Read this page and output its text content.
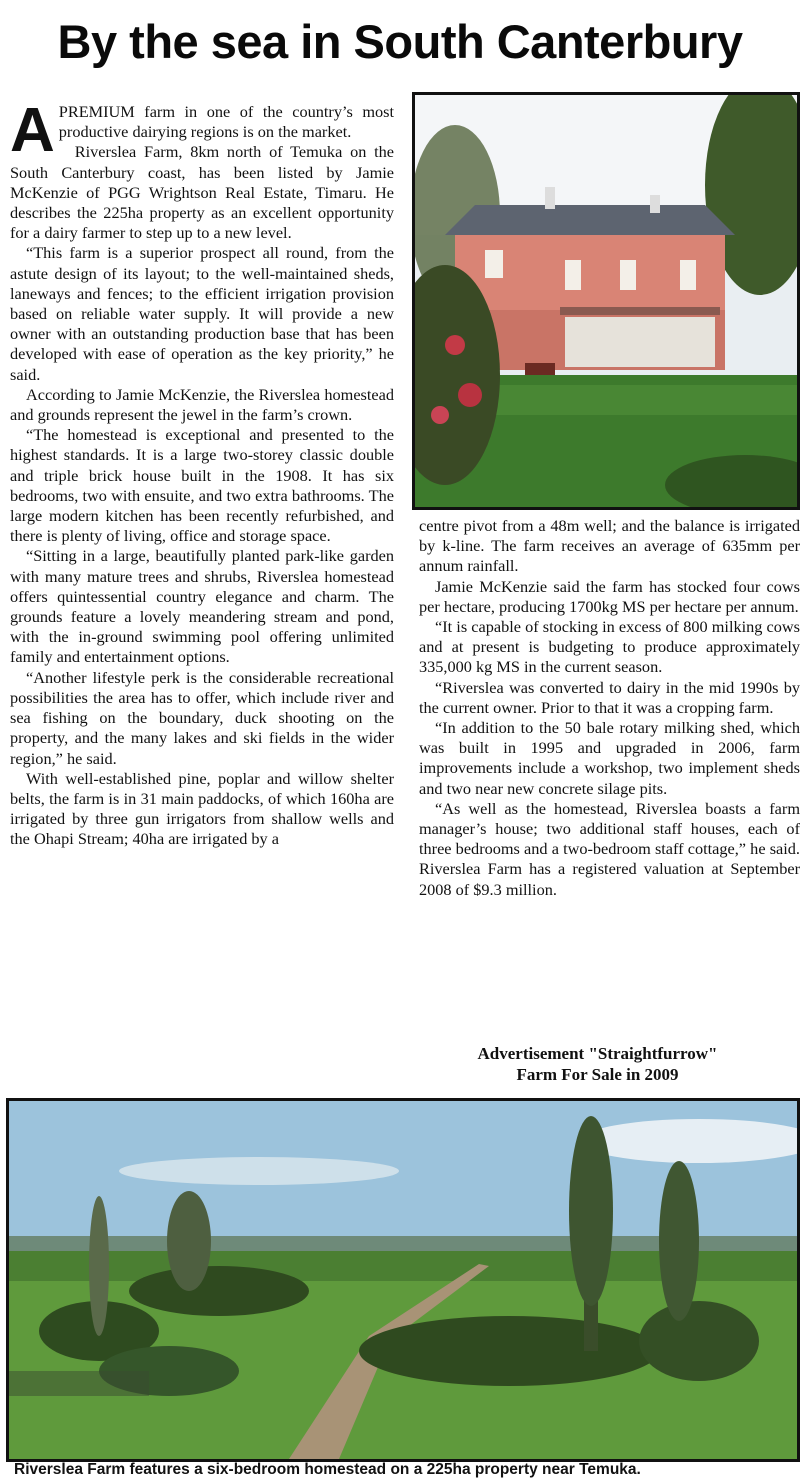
By the sea in South Canterbury
A PREMIUM farm in one of the country’s most productive dairying regions is on the market.

Riverslea Farm, 8km north of Temuka on the South Canterbury coast, has been listed by Jamie McKenzie of PGG Wrightson Real Estate, Timaru. He describes the 225ha property as an excellent opportunity for a dairy farmer to step up to a new level.

“This farm is a superior prospect all round, from the astute design of its layout; to the well-maintained sheds, laneways and fences; to the efficient irrigation provision based on reliable water supply. It will provide a new owner with an outstanding production base that has been developed with ease of operation as the key priority,” he said.

According to Jamie McKenzie, the Riverslea homestead and grounds represent the jewel in the farm’s crown.

“The homestead is exceptional and presented to the highest standards. It is a large two-storey classic double and triple brick house built in the 1908. It has six bedrooms, two with ensuite, and two extra bathrooms. The large modern kitchen has been recently refurbished, and there is plenty of living, office and storage space.

“Sitting in a large, beautifully planted park-like garden with many mature trees and shrubs, Riverslea homestead offers quintessential country elegance and charm. The grounds feature a lovely meandering stream and pond, with the in-ground swimming pool offering unlimited family and entertainment options.

“Another lifestyle perk is the considerable recreational possibilities the area has to offer, which include river and sea fishing on the boundary, duck shooting on the property, and the many lakes and ski fields in the wider region,” he said.

With well-established pine, poplar and willow shelter belts, the farm is in 31 main paddocks, of which 160ha are irrigated by three gun irrigators from shallow wells and the Ohapi Stream; 40ha are irrigated by a

centre pivot from a 48m well; and the balance is irrigated by k-line. The farm receives an average of 635mm per annum rainfall.

Jamie McKenzie said the farm has stocked four cows per hectare, producing 1700kg MS per hectare per annum.

“It is capable of stocking in excess of 800 milking cows and at present is budgeting to produce approximately 335,000 kg MS in the current season.

“Riverslea was converted to dairy in the mid 1990s by the current owner. Prior to that it was a cropping farm.

“In addition to the 50 bale rotary milking shed, which was built in 1995 and upgraded in 2006, farm improvements include a workshop, two implement sheds and two near new concrete silage pits.

“As well as the homestead, Riverslea boasts a farm manager’s house; two additional staff houses, each of three bedrooms and a two-bedroom staff cottage,” he said. Riverslea Farm has a registered valuation at September 2008 of $9.3 million.

Advertisement "Straightfurrow"
Farm For Sale in 2009
Riverslea Farm features a six-bedroom homestead on a 225ha property near Temuka.
